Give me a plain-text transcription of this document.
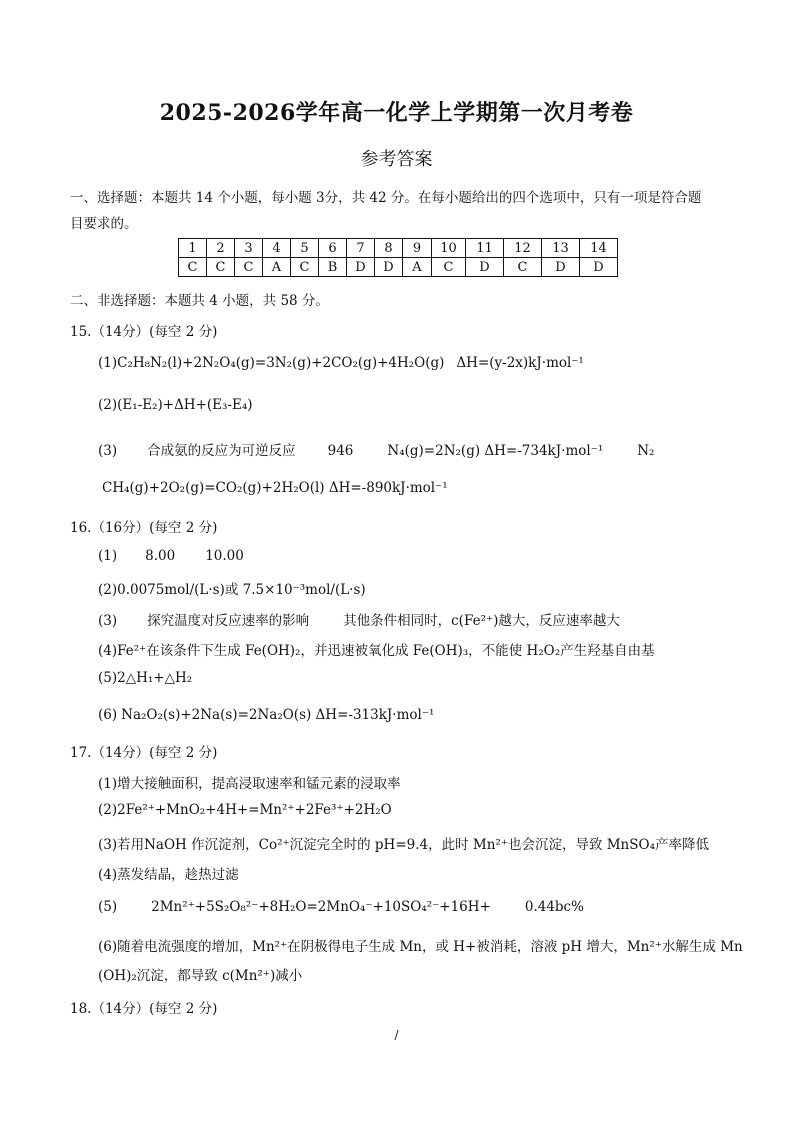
2025-2026学年高一化学上学期第一次月考卷
参考答案
一、选择题：本题共 14 个小题，每小题 3分，共 42 分。在每小题给出的四个选项中，只有一项是符合题
目要求的。
1	2	3	4	5	6	7	8	9	10	11	12	13	14
C	C	C	A	C	B	D	D	A	C	D	C	D	D
二、非选择题：本题共 4 小题，共 58 分。
15.（14分）(每空 2 分)
(1)C₂H₈N₂(l)+2N₂O₄(g)=3N₂(g)+2CO₂(g)+4H₂O(g) ΔH=(y-2x)kJ·mol⁻¹
(2)(E₁-E₂)+ΔH+(E₃-E₄)
(3) 合成氨的反应为可逆反应 946	N₄(g)=2N₂(g) ΔH=-734kJ·mol⁻¹	N₂
CH₄(g)+2O₂(g)=CO₂(g)+2H₂O(l) ΔH=-890kJ·mol⁻¹
16.（16分）(每空 2 分)
(1) 8.00 10.00
(2)0.0075mol/(L·s)或 7.5×10⁻³mol/(L·s)
(3) 探究温度对反应速率的影响	其他条件相同时，c(Fe²⁺)越大，反应速率越大
(4)Fe²⁺在该条件下生成 Fe(OH)₂，并迅速被氧化成 Fe(OH)₃，不能使 H₂O₂产生羟基自由基
(5)2△H₁+△H₂
(6) Na₂O₂(s)+2Na(s)=2Na₂O(s) ΔH=-313kJ·mol⁻¹
17.（14分）(每空 2 分)
(1)增大接触面积，提高浸取速率和锰元素的浸取率
(2)2Fe²⁺+MnO₂+4H+=Mn²⁺+2Fe³⁺+2H₂O
(3)若用NaOH 作沉淀剂，Co²⁺沉淀完全时的 pH=9.4，此时 Mn²⁺也会沉淀，导致 MnSO₄产率降低
(4)蒸发结晶，趁热过滤
(5)	2Mn²⁺+5S₂O₈²⁻+8H₂O=2MnO₄⁻+10SO₄²⁻+16H+	0.44bc%
(6)随着电流强度的增加，Mn²⁺在阴极得电子生成 Mn，或 H+被消耗，溶液 pH 增大，Mn²⁺水解生成 Mn
(OH)₂沉淀，都导致 c(Mn²⁺)减小
18.（14分）(每空 2 分)
/
